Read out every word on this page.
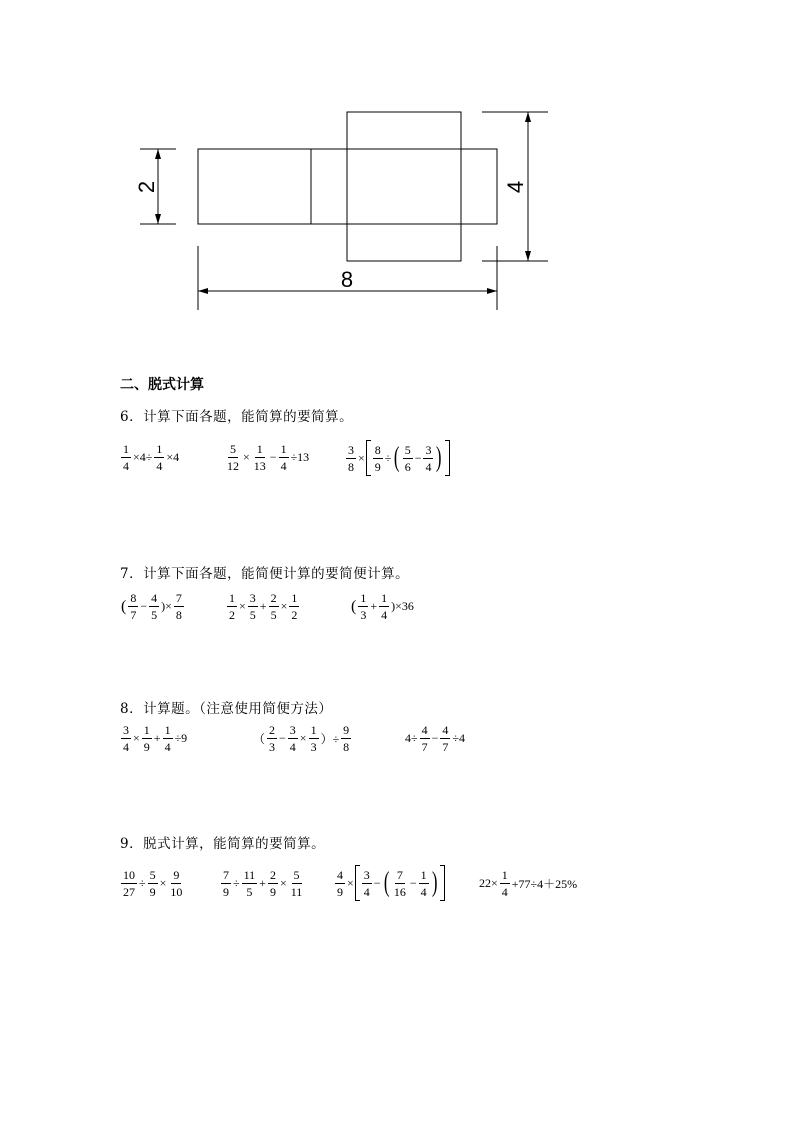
2	4
8
二、脱式计算
6．计算下面各题，能简算的要简算。
$\frac{1}{4} \times 4\div \frac{1}{4} \times 4$	$\frac{5}{12} \times \frac{1}{13} - \frac{1}{4} \div 13$	$\frac{3}{8} \times \frac{8}{9}$ ÷ ( $\frac{5}{6} - \frac{3}{4}$ )
7．计算下面各题，能简便计算的要简便计算。
( $\frac{8}{7} - \frac{4}{5}$ )× $\frac{7}{8}$	$\frac{1}{2} \times \frac{3}{5} + \frac{2}{5} \times \frac{1}{2}$	( $\frac{1}{3} + \frac{1}{4} )\times 36$
8．计算题。（注意使用简便方法）
$\frac{3}{4} \times \frac{1}{9} + \frac{1}{4} \div 9$	（ $\frac{2}{3} - \frac{3}{4} \times \frac{1}{3}$ ）÷ $\frac{9}{8}$	$4\div \frac{4}{7} - \frac{4}{7} \div 4$
9．脱式计算，能简算的要简算。
$\frac{10}{27} \div \frac{5}{9} \times \frac{9}{10}$	$\frac{7}{9} \div \frac{11}{5} + \frac{2}{9} \times \frac{5}{11}$	$\frac{4}{9} \times \frac{3}{4}$ − ( $\frac{7}{16} - \frac{1}{4}$ )	$22\times \frac{1}{4} +77\div 4+25\%$
